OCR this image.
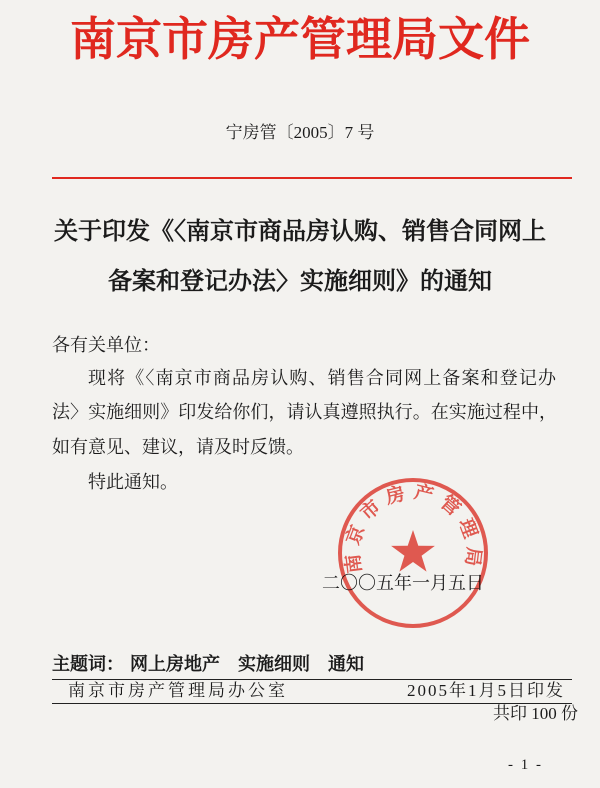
南京市房产管理局文件
宁房管〔2005〕7 号
关于印发《〈南京市商品房认购、销售合同网上
备案和登记办法〉实施细则》的通知
各有关单位：
现将《〈南京市商品房认购、销售合同网上备案和登记办
法〉实施细则》印发给你们，请认真遵照执行。在实施过程中，
如有意见、建议，请及时反馈。
特此通知。
二〇〇五年一月五日
南京市房产管理局
主题词： 网上房地产 实施细则 通知
南京市房产管理局办公室	2005年1月5日印发
共印 100 份
- 1 -
